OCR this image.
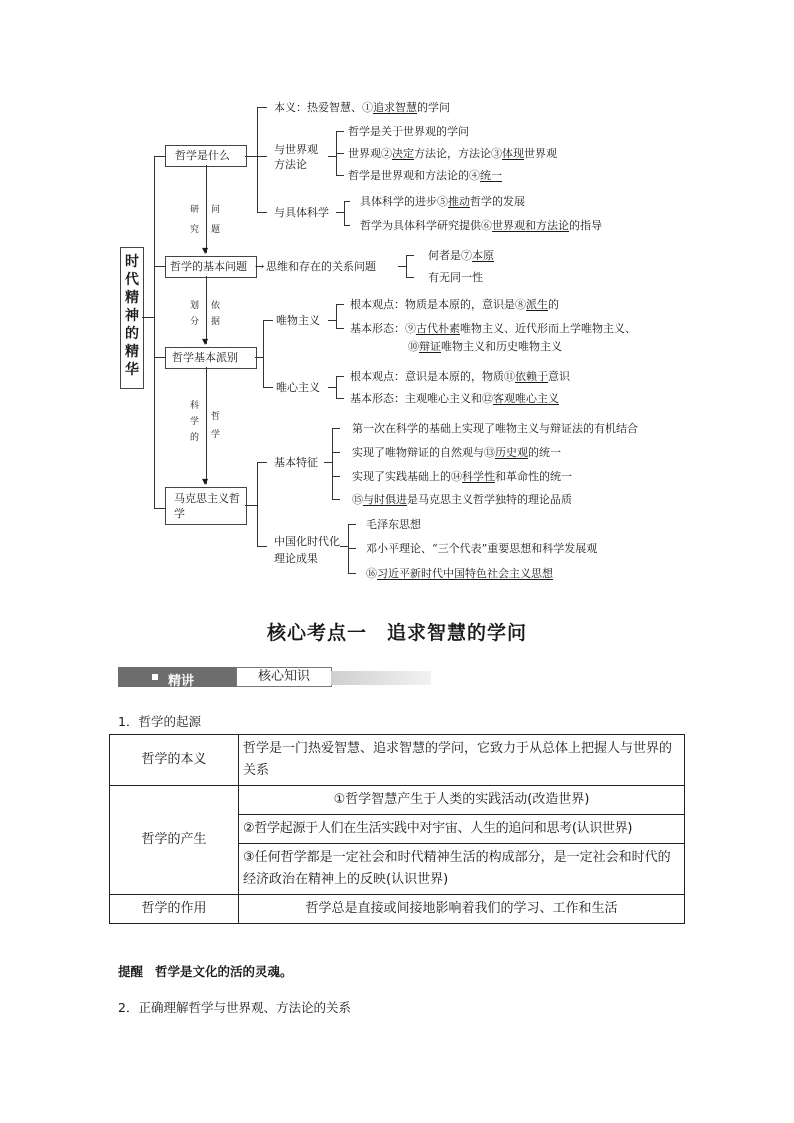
时代精神的精华
哲学是什么
哲学的基本问题
哲学基本派别
马克思主义哲学
▼
▼
▼
研究
问题
划分
依据
科学的
哲学
本义：热爱智慧、①追求智慧的学问
与世界观方法论
哲学是关于世界观的学问
世界观②决定方法论，方法论③体现世界观
哲学是世界观和方法论的④统一
与具体科学
具体科学的进步⑤推动哲学的发展
哲学为具体科学研究提供⑥世界观和方法论的指导
→ 思维和存在的关系问题
何者是⑦本原
有无同一性
唯物主义
根本观点：物质是本原的，意识是⑧派生的
基本形态：⑨古代朴素唯物主义、近代形而上学唯物主义、
⑩辩证唯物主义和历史唯物主义
唯心主义
根本观点：意识是本原的，物质⑪依赖于意识
基本形态：主观唯心主义和⑫客观唯心主义
基本特征
第一次在科学的基础上实现了唯物主义与辩证法的有机结合
实现了唯物辩证的自然观与⑬历史观的统一
实现了实践基础上的⑭科学性和革命性的统一
⑮与时俱进是马克思主义哲学独特的理论品质
中国化时代化理论成果
毛泽东思想
邓小平理论、“三个代表”重要思想和科学发展观
⑯习近平新时代中国特色社会主义思想
核心考点一　追求智慧的学问
精讲	核心知识
1．哲学的起源
哲学的本义	哲学是一门热爱智慧、追求智慧的学问，它致力于从总体上把握人与世界的关系
哲学的产生	①哲学智慧产生于人类的实践活动(改造世界)
	②哲学起源于人们在生活实践中对宇宙、人生的追问和思考(认识世界)
	③任何哲学都是一定社会和时代精神生活的构成部分，是一定社会和时代的经济政治在精神上的反映(认识世界)
哲学的作用	哲学总是直接或间接地影响着我们的学习、工作和生活
提醒 哲学是文化的活的灵魂。
2．正确理解哲学与世界观、方法论的关系
